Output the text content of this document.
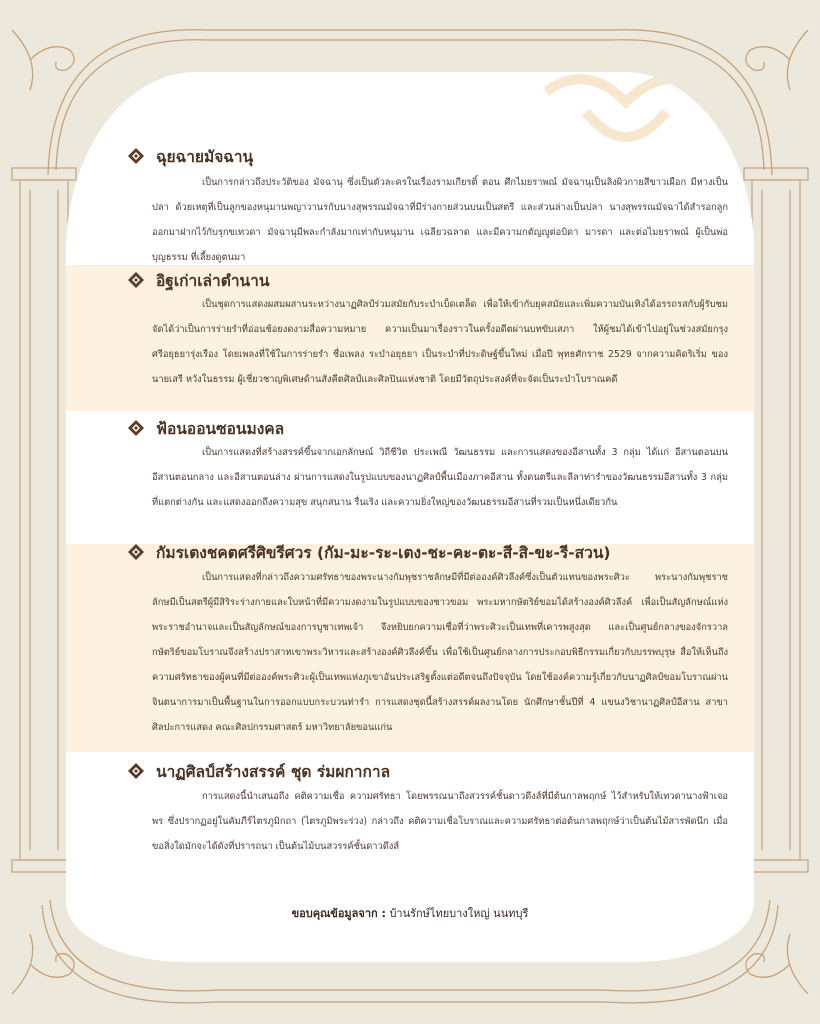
ฉุยฉายมัจฉานุ

เป็นการกล่าวถึงประวัติของ มัจฉานุ ซึ่งเป็นตัวละครในเรื่องรามเกียรติ์ ตอน ศึกไมยราพณ์ มัจฉานุเป็นลิงผิวกายสีขาวเผือก มีหางเป็นปลา ด้วยเหตุที่เป็นลูกของหนุมานพญาวานรกับนางสุพรรณมัจฉาที่มีร่างกายส่วนบนเป็นสตรี และส่วนล่างเป็นปลา นางสุพรรณมัจฉาได้สำรอกลูกออกมาฝากไว้กับรุกขเทวดา มัจฉานุมีพละกำลังมากเท่ากับหนุมาน เฉลียวฉลาด และมีความกตัญญูต่อบิดา มารดา และต่อไมยราพณ์ ผู้เป็นพ่อบุญธรรม ที่เลี้ยงดูตนมา

อิฐเก่าเล่าตำนาน

เป็นชุดการแสดงผสมผสานระหว่างนาฏศิลป์ร่วมสมัยกับระบำเบ็ดเตล็ด เพื่อให้เข้ากับยุคสมัยและเพิ่มความบันเทิงได้อรรถรสกับผู้รับชม จัดได้ว่าเป็นการร่ายรำที่อ่อนช้อยงดงามสื่อความหมาย ความเป็นมาเรื่องราวในครั้งอดีตผ่านบทขับเสภา ให้ผู้ชมได้เข้าไปอยู่ในช่วงสมัยกรุงศรีอยุธยารุ่งเรือง โดยเพลงที่ใช้ในการร่ายรำ ชื่อเพลง ระบำอยุธยา เป็นระบำที่ประดิษฐ์ขึ้นใหม่ เมื่อปี พุทธศักราช 2529 จากความคิดริเริ่ม ของนายเสรี หวังในธรรม ผู้เชี่ยวชาญพิเศษด้านสังคีตศิลป์และศิลปินแห่งชาติ โดยมีวัตถุประสงค์ที่จะจัดเป็นระบำโบราณคดี

ฟ้อนออนซอนมงคล

เป็นการแสดงที่สร้างสรรค์ขึ้นจากเอกลักษณ์ วิถีชีวิต ประเพณี วัฒนธรรม และการแสดงของอีสานทั้ง 3 กลุ่ม ได้แก่ อีสานตอนบน อีสานตอนกลาง และอีสานตอนล่าง ผ่านการแสดงในรูปแบบของนาฏศิลป์พื้นเมืองภาคอีสาน ทั้งดนตรีและลีลาท่ารำของวัฒนธรรมอีสานทั้ง 3 กลุ่มที่แตกต่างกัน และแสดงออกถึงความสุข สนุกสนาน รื่นเริง และความยิ่งใหญ่ของวัฒนธรรมอีสานที่รวมเป็นหนึ่งเดียวกัน

กัมรเตงชคตศรีศิขรีศวร (กัม-มะ-ระ-เตง-ชะ-คะ-ตะ-สี-สิ-ขะ-รี-สวน)

เป็นการแสดงที่กล่าวถึงความศรัทธาของพระนางกัมพุชราชลักษมีที่มีต่อองค์ศิวลึงค์ซึ่งเป็นตัวแทนของพระศิวะ พระนางกัมพุชราชลักษมีเป็นสตรีผู้มีสิริระร่างกายและใบหน้าที่มีความงดงามในรูปแบบของชาวขอม พระมหากษัตริย์ขอมได้สร้างองค์ศิวลึงค์ เพื่อเป็นสัญลักษณ์แห่งพระราชอำนาจและเป็นสัญลักษณ์ของการบูชาเทพเจ้า จึงหยิบยกความเชื่อที่ว่าพระศิวะเป็นเทพที่เคารพสูงสุด และเป็นศูนย์กลางของจักรวาล กษัตริย์ขอมโบราณจึงสร้างปราสาทเขาพระวิหารและสร้างองค์ศิวลึงค์ขึ้น เพื่อใช้เป็นศูนย์กลางการประกอบพิธีกรรมเกี่ยวกับบรรพบุรุษ สื่อให้เห็นถึงความศรัทธาของผู้คนที่มีต่อองค์พระศิวะผู้เป็นเทพแห่งภูเขาอันประเสริฐตั้งแต่อดีตจนถึงปัจจุบัน โดยใช้องค์ความรู้เกี่ยวกับนาฏศิลป์ขอมโบราณผ่านจินตนาการมาเป็นพื้นฐานในการออกแบบกระบวนท่ารำ การแสดงชุดนี้สร้างสรรค์ผลงานโดย นักศึกษาชั้นปีที่ 4 แขนงวิชานาฏศิลป์อีสาน สาขาศิลปะการแสดง คณะศิลปกรรมศาสตร์ มหาวิทยาลัยขอนแก่น

นาฏศิลป์สร้างสรรค์ ชุด ร่มผกากาล

การแสดงนี้นำเสนอถึง คติความเชื่อ ความศรัทธา โดยพรรณนาถึงสวรรค์ชั้นดาวดึงส์ที่มีต้นกาลพฤกษ์ ไว้สำหรับให้เทวดานางฟ้าเจอพร ซึ่งปรากฏอยู่ในคัมภีร์ไตรภูมิกถา (ไตรภูมิพระร่วง) กล่าวถึง คติความเชื่อโบราณและความศรัทธาต่อต้นกาลพฤกษ์ว่าเป็นต้นไม้สารพัดนึก เมื่อขอสิ่งใดมักจะได้ดังที่ปรารถนา เป็นต้นไม้บนสวรรค์ชั้นดาวดึงส์

ขอบคุณข้อมูลจาก : บ้านรักษ์ไทยบางใหญ่ นนทบุรี
